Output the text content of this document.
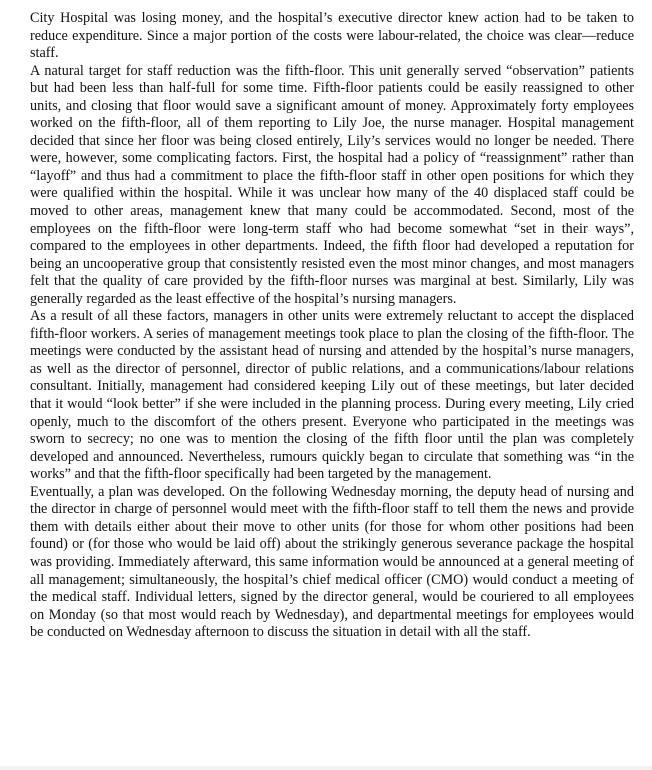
City Hospital was losing money, and the hospital’s executive director knew action had to be taken to reduce expenditure. Since a major portion of the costs were labour-related, the choice was clear—reduce staff.

A natural target for staff reduction was the fifth-floor. This unit generally served “observation” patients but had been less than half-full for some time. Fifth-floor patients could be easily reassigned to other units, and closing that floor would save a significant amount of money. Approximately forty employees worked on the fifth-floor, all of them reporting to Lily Joe, the nurse manager. Hospital management decided that since her floor was being closed entirely, Lily’s services would no longer be needed. There were, however, some complicating factors. First, the hospital had a policy of “reassignment” rather than “layoff” and thus had a commitment to place the fifth-floor staff in other open positions for which they were qualified within the hospital. While it was unclear how many of the 40 displaced staff could be moved to other areas, management knew that many could be accommodated. Second, most of the employees on the fifth-floor were long-term staff who had become somewhat “set in their ways”, compared to the employees in other departments. Indeed, the fifth floor had developed a reputation for being an uncooperative group that consistently resisted even the most minor changes, and most managers felt that the quality of care provided by the fifth-floor nurses was marginal at best. Similarly, Lily was generally regarded as the least effective of the hospital’s nursing managers.

As a result of all these factors, managers in other units were extremely reluctant to accept the displaced fifth-floor workers. A series of management meetings took place to plan the closing of the fifth-floor. The meetings were conducted by the assistant head of nursing and attended by the hospital’s nurse managers, as well as the director of personnel, director of public relations, and a communications/labour relations consultant. Initially, management had considered keeping Lily out of these meetings, but later decided that it would “look better” if she were included in the planning process. During every meeting, Lily cried openly, much to the discomfort of the others present. Everyone who participated in the meetings was sworn to secrecy; no one was to mention the closing of the fifth floor until the plan was completely developed and announced. Nevertheless, rumours quickly began to circulate that something was “in the works” and that the fifth-floor specifically had been targeted by the management.

Eventually, a plan was developed. On the following Wednesday morning, the deputy head of nursing and the director in charge of personnel would meet with the fifth-floor staff to tell them the news and provide them with details either about their move to other units (for those for whom other positions had been found) or (for those who would be laid off) about the strikingly generous severance package the hospital was providing. Immediately afterward, this same information would be announced at a general meeting of all management; simultaneously, the hospital’s chief medical officer (CMO) would conduct a meeting of the medical staff. Individual letters, signed by the director general, would be couriered to all employees on Monday (so that most would reach by Wednesday), and departmental meetings for employees would be conducted on Wednesday afternoon to discuss the situation in detail with all the staff.
